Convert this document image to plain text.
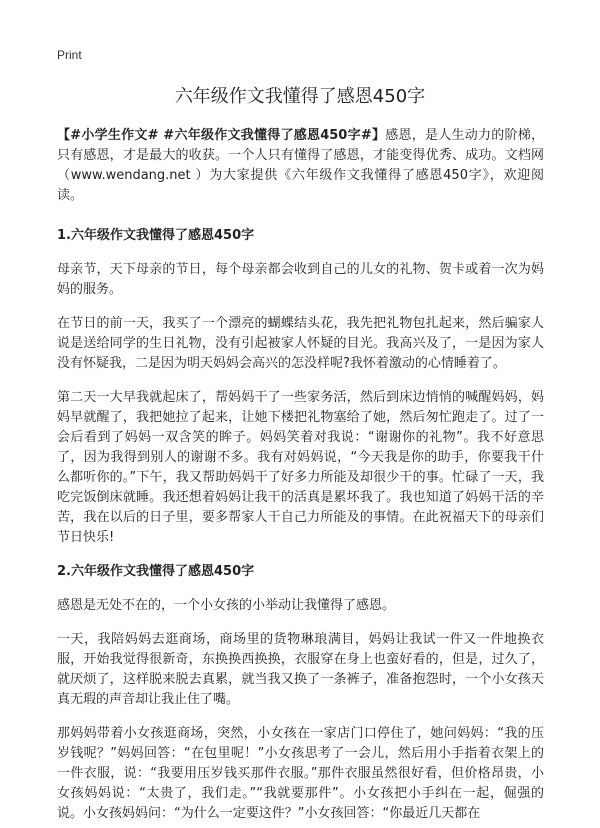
Print
六年级作文我懂得了感恩450字

【#小学生作文# #六年级作文我懂得了感恩450字#】感恩，是人生动力的阶梯，只有感恩，才是最大的收获。一个人只有懂得了感恩，才能变得优秀、成功。文档网（www.wendang.net ）为大家提供《六年级作文我懂得了感恩450字》，欢迎阅读。

1.六年级作文我懂得了感恩450字

母亲节，天下母亲的节日，每个母亲都会收到自己的儿女的礼物、贺卡或着一次为妈妈的服务。

在节日的前一天，我买了一个漂亮的蝴蝶结头花，我先把礼物包扎起来，然后骗家人说是送给同学的生日礼物，没有引起被家人怀疑的目光。我高兴及了，一是因为家人没有怀疑我，二是因为明天妈妈会高兴的怎没样呢?我怀着激动的心情睡着了。

第二天一大早我就起床了，帮妈妈干了一些家务活，然后到床边悄悄的喊醒妈妈，妈妈早就醒了，我把她拉了起来，让她下楼把礼物塞给了她，然后匆忙跑走了。过了一会后看到了妈妈一双含笑的眸子。妈妈笑着对我说：“谢谢你的礼物”。我不好意思了，因为我得到别人的谢谢不多。我有对妈妈说，“今天我是你的助手，你要我干什么都听你的。”下午，我又帮助妈妈干了好多力所能及却很少干的事。忙碌了一天，我吃完饭倒床就睡。我还想着妈妈让我干的活真是累坏我了。我也知道了妈妈干活的辛苦，我在以后的日子里，要多帮家人干自己力所能及的事情。在此祝福天下的母亲们节日快乐!

2.六年级作文我懂得了感恩450字

感恩是无处不在的，一个小女孩的小举动让我懂得了感恩。

一天，我陪妈妈去逛商场，商场里的货物琳琅满目，妈妈让我试一件又一件地换衣服，开始我觉得很新奇，东换换西换换，衣服穿在身上也蛮好看的，但是，过久了，就厌烦了，这样脱来脱去真累，就当我又换了一条裤子，准备抱怨时，一个小女孩天真无瑕的声音却让我止住了嘴。

那妈妈带着小女孩逛商场，突然，小女孩在一家店门口停住了，她问妈妈：“我的压岁钱呢？”妈妈回答：“在包里呢！”小女孩思考了一会儿，然后用小手指着衣架上的一件衣服，说：“我要用压岁钱买那件衣服。”那件衣服虽然很好看，但价格昂贵，小女孩妈妈说：“太贵了，我们走。”“我就要那件”。小女孩把小手纠在一起，倔强的说。小女孩妈妈问：“为什么一定要这件？”小女孩回答：“你最近几天都在
